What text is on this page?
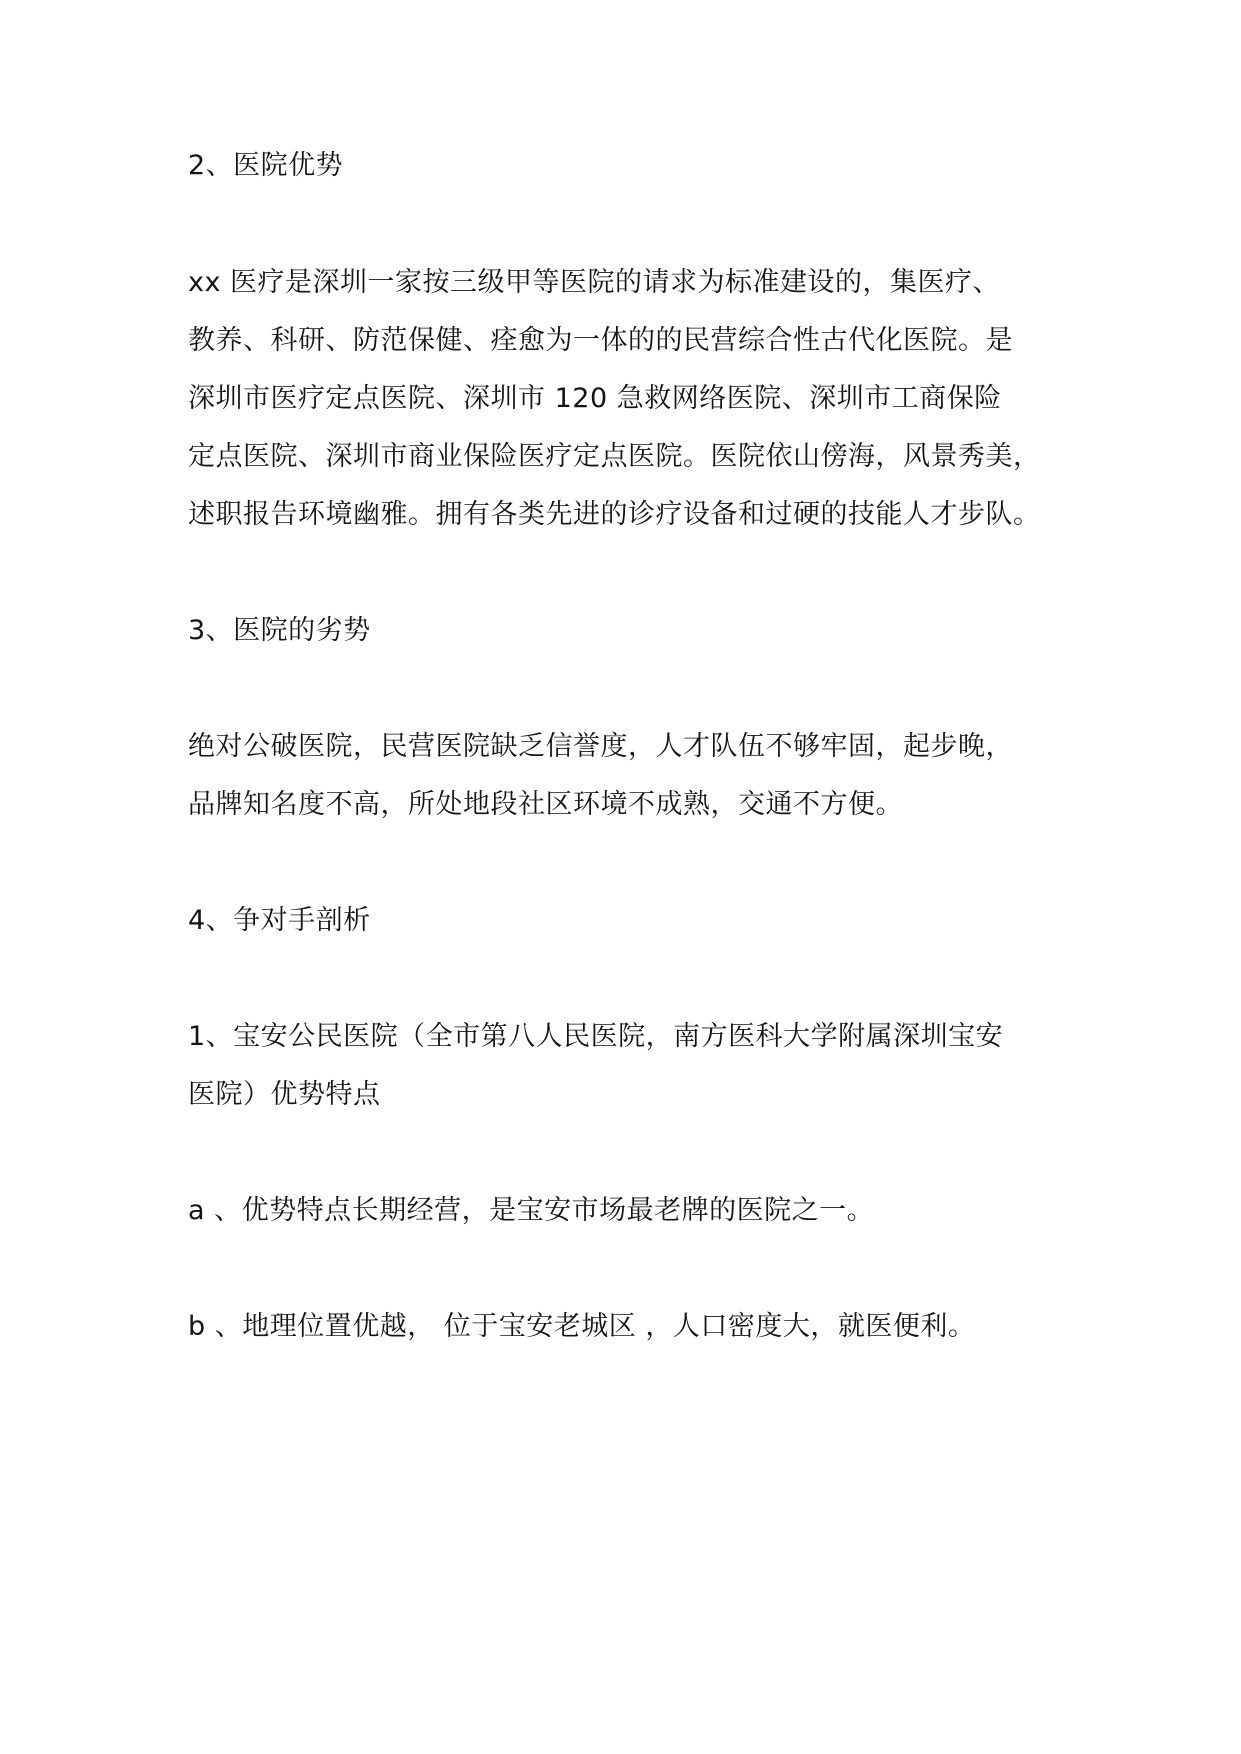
2、医院优势
xx 医疗是深圳一家按三级甲等医院的请求为标准建设的，集医疗、
教养、科研、防范保健、痊愈为一体的的民营综合性古代化医院。是
深圳市医疗定点医院、深圳市 120 急救网络医院、深圳市工商保险
定点医院、深圳市商业保险医疗定点医院。医院依山傍海，风景秀美，
述职报告环境幽雅。拥有各类先进的诊疗设备和过硬的技能人才步队。
3、医院的劣势
绝对公破医院，民营医院缺乏信誉度，人才队伍不够牢固，起步晚，
品牌知名度不高，所处地段社区环境不成熟，交通不方便。
4、争对手剖析
1、宝安公民医院（全市第八人民医院，南方医科大学附属深圳宝安
医院）优势特点
a 、优势特点长期经营，是宝安市场最老牌的医院之一。
b 、地理位置优越， 位于宝安老城区 ，人口密度大，就医便利。
